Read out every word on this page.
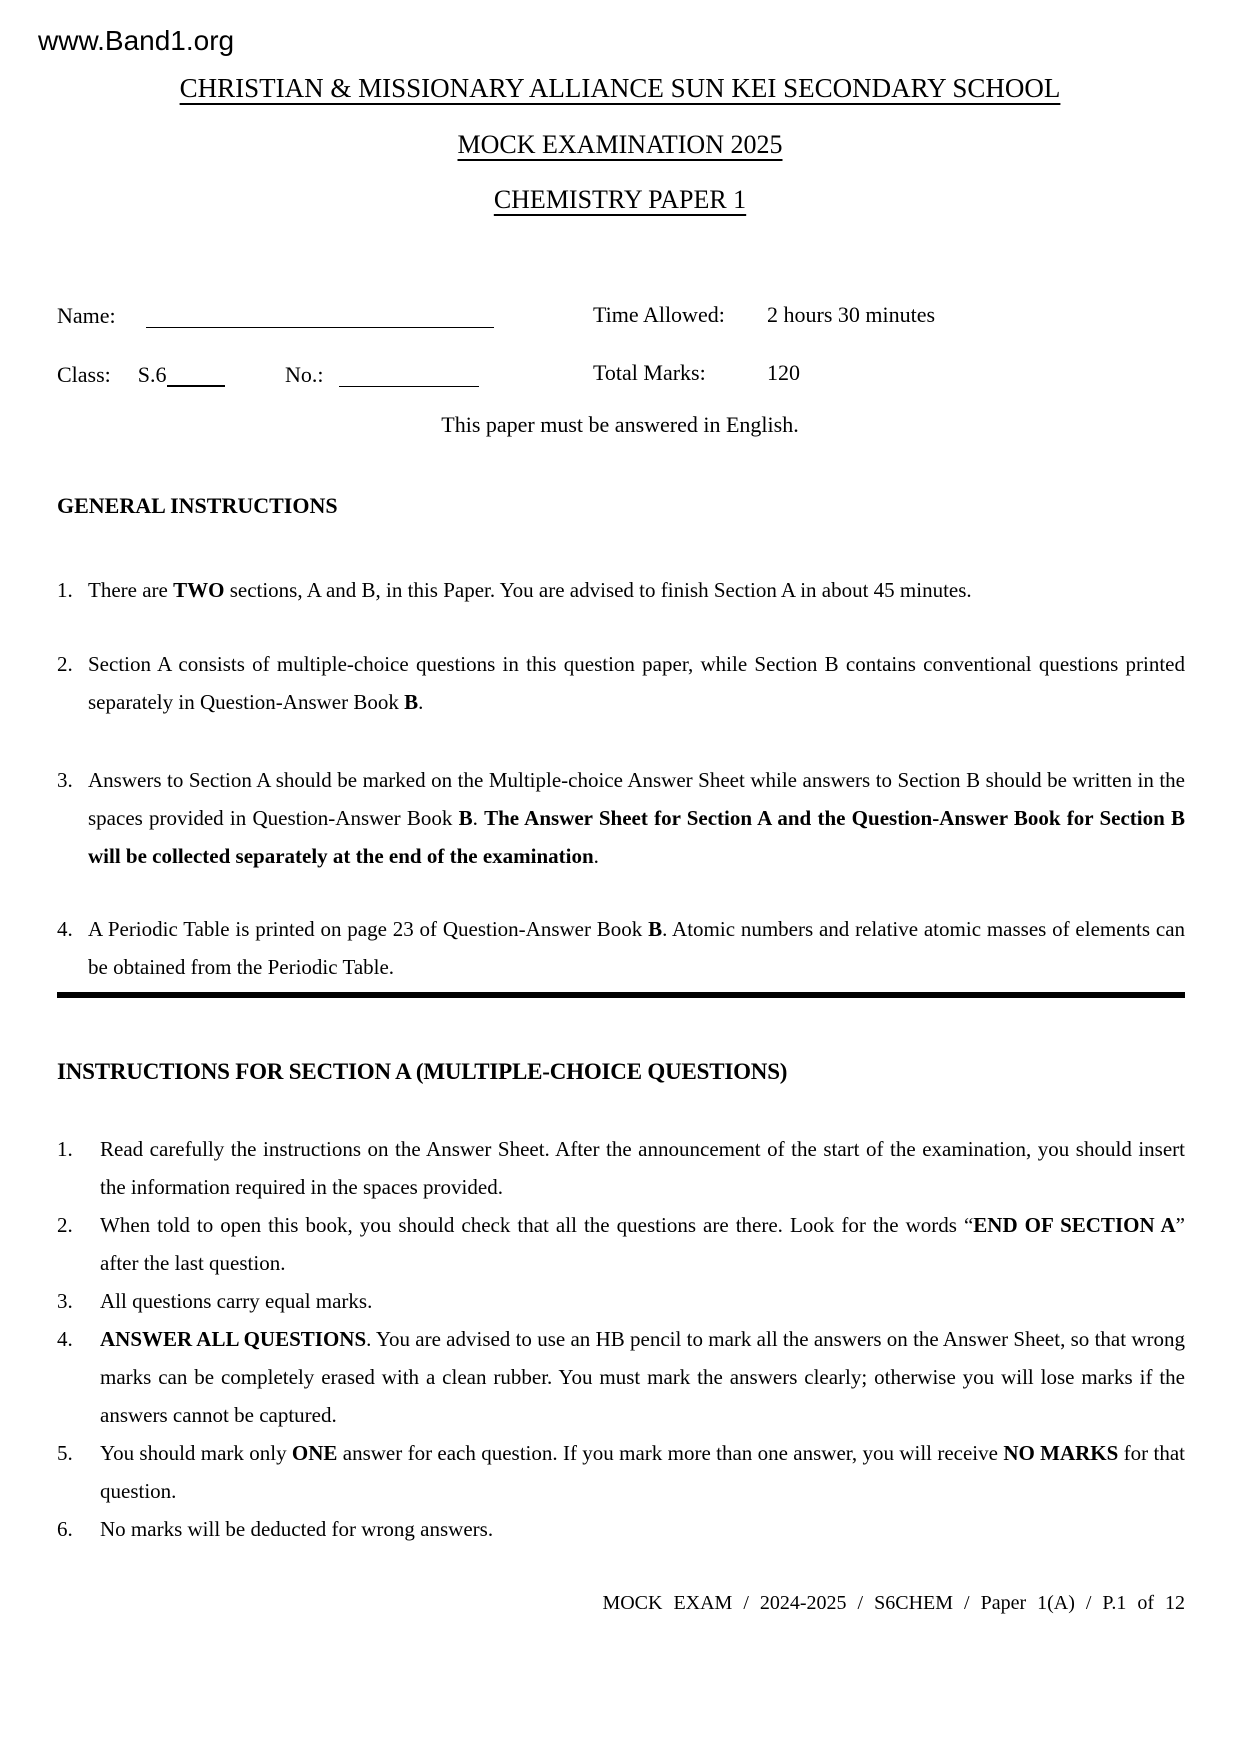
www.Band1.org
CHRISTIAN & MISSIONARY ALLIANCE SUN KEI SECONDARY SCHOOL
MOCK EXAMINATION 2025
CHEMISTRY PAPER 1
Name:	Time Allowed: 2 hours 30 minutes
Class: S.6	No.:	Total Marks:	120
This paper must be answered in English.
GENERAL INSTRUCTIONS
1. There are TWO sections, A and B, in this Paper. You are advised to finish Section A in about 45 minutes.
2. Section A consists of multiple-choice questions in this question paper, while Section B contains conventional questions printed separately in Question-Answer Book B.
3. Answers to Section A should be marked on the Multiple-choice Answer Sheet while answers to Section B should be written in the spaces provided in Question-Answer Book B. The Answer Sheet for Section A and the Question-Answer Book for Section B will be collected separately at the end of the examination.
4. A Periodic Table is printed on page 23 of Question-Answer Book B. Atomic numbers and relative atomic masses of elements can be obtained from the Periodic Table.
INSTRUCTIONS FOR SECTION A (MULTIPLE-CHOICE QUESTIONS)
1. Read carefully the instructions on the Answer Sheet. After the announcement of the start of the examination, you should insert the information required in the spaces provided.
2. When told to open this book, you should check that all the questions are there. Look for the words “END OF SECTION A” after the last question.
3. All questions carry equal marks.
4. ANSWER ALL QUESTIONS. You are advised to use an HB pencil to mark all the answers on the Answer Sheet, so that wrong marks can be completely erased with a clean rubber. You must mark the answers clearly; otherwise you will lose marks if the answers cannot be captured.
5. You should mark only ONE answer for each question. If you mark more than one answer, you will receive NO MARKS for that question.
6. No marks will be deducted for wrong answers.
MOCK EXAM / 2024-2025 / S6CHEM / Paper 1(A) / P.1 of 12
